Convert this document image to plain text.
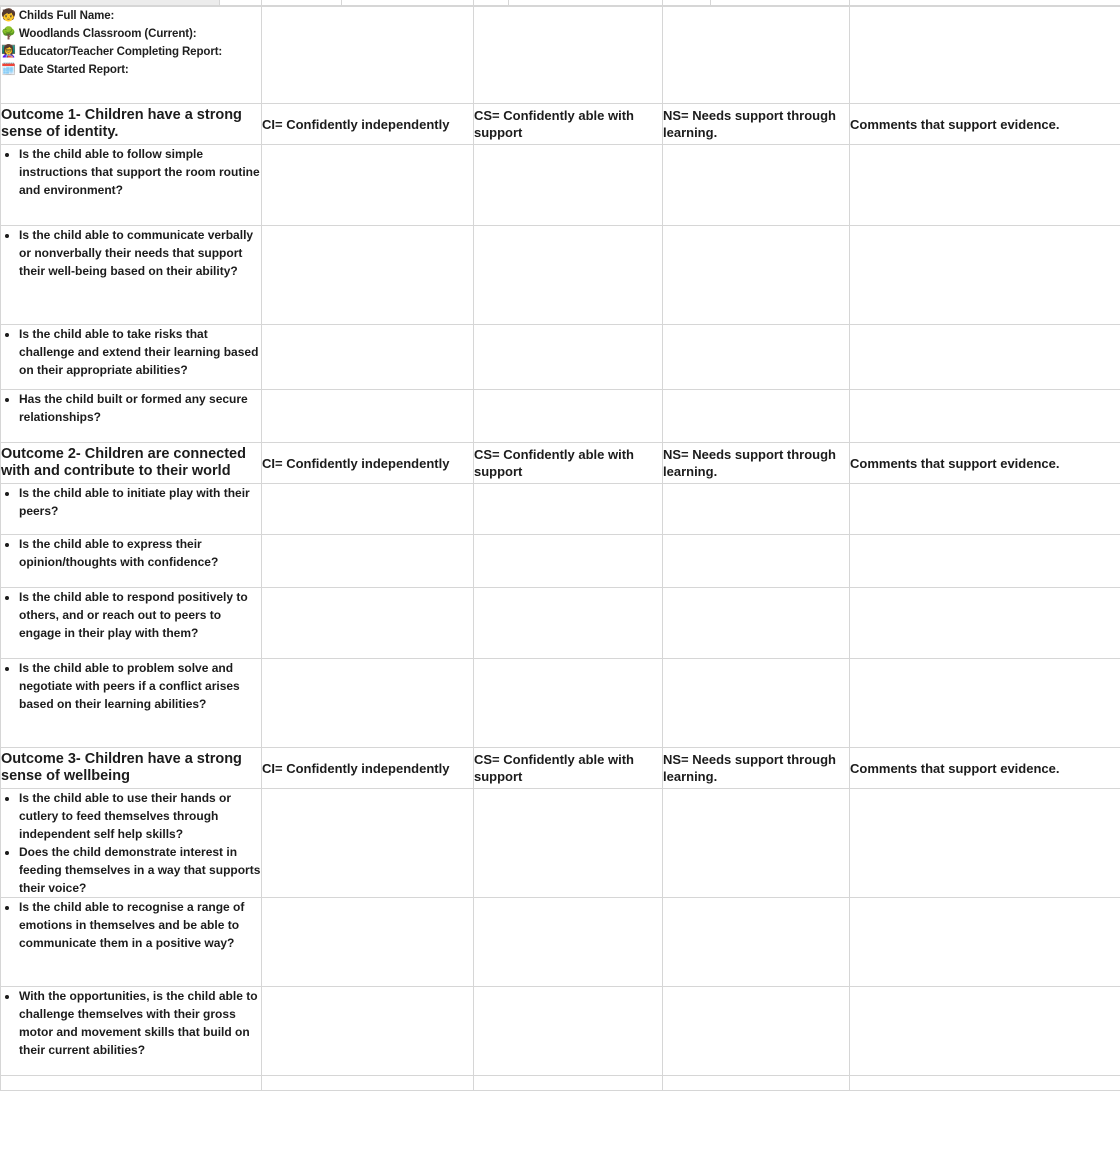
🧒 Childs Full Name:
🌳 Woodlands Classroom (Current):
👩‍🏫 Educator/Teacher Completing Report:
🗓️ Date Started Report:				

Outcome 1- Children have a strong sense of identity.	CI= Confidently independently	CS= Confidently able with support	NS= Needs support through learning.	Comments that support evidence.

• Is the child able to follow simple instructions that support the room routine and environment?

• Is the child able to communicate verbally or nonverbally their needs that support their well-being based on their ability?

• Is the child able to take risks that challenge and extend their learning based on their appropriate abilities?

• Has the child built or formed any secure relationships?

Outcome 2- Children are connected with and contribute to their world	CI= Confidently independently	CS= Confidently able with support	NS= Needs support through learning.	Comments that support evidence.

• Is the child able to initiate play with their peers?

• Is the child able to express their opinion/thoughts with confidence?

• Is the child able to respond positively to others, and or reach out to peers to engage in their play with them?

• Is the child able to problem solve and negotiate with peers if a conflict arises based on their learning abilities?

Outcome 3- Children have a strong sense of wellbeing	CI= Confidently independently	CS= Confidently able with support	NS= Needs support through learning.	Comments that support evidence.

• Is the child able to use their hands or cutlery to feed themselves through independent self help skills?
• Does the child demonstrate interest in feeding themselves in a way that supports their voice?

• Is the child able to recognise a range of emotions in themselves and be able to communicate them in a positive way?

• With the opportunities, is the child able to challenge themselves with their gross motor and movement skills that build on their current abilities?
